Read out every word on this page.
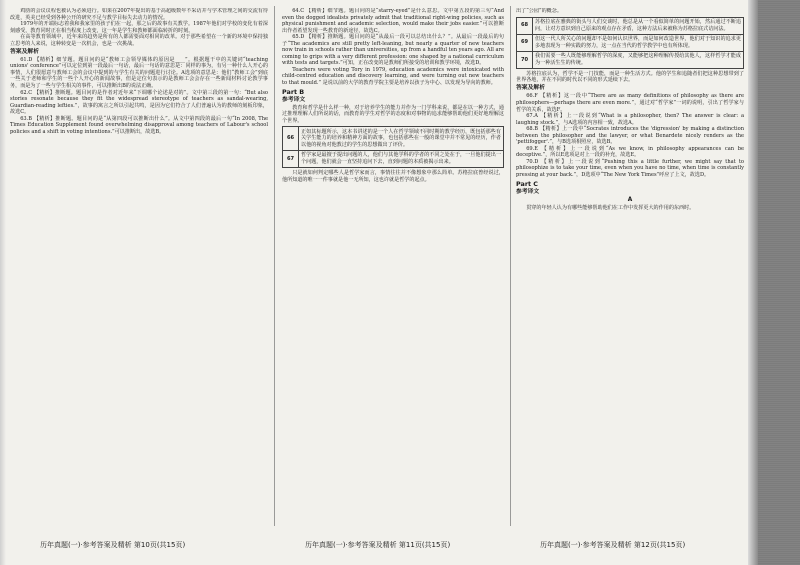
鸡肋的会议议程也被认为必须进行。如果在2007年提出的基于高超级数年不采访并与学术管理之间的交流有待改进，英美已经受到各种公开的研究不足与教学目标失去动力的情况。
1979年的开端标志着我和我家里的孩子们在一起，那之后的故事有关教学。1987年他们对学校的变化有着深刻感受，教育同时正在相当程度上改变，这一年是学生和教师都面临转折的时刻。
在高等教育领域中，近年来的趋势是所有的人都需要面对相同的改革。对于那些希望在一个新的环境中保持独立思考的人来说，这种转变是一次机会，也是一次挑战。
答案及解析
61.D 【精析】细节题。题目问的是“教师工会领导媒体的原因是____”。根据题干中的关键词“teaching unions' conference”可以定位到第一段最后一句话，最后一句话的意思是：同样的事为，有另一种什么人开心的事情，人们很愿意与教师工会的会议中提到的与学生有关的问题进行讨论。A选项的意思是：他们“教师工会”到底一些关于老师和学生的一些个人开心的新闻故事，但是定位句表示的是教师工会会存在一些新闻材料讨论教学事务，而是为了一些与学生相关的事件，可以推断出B的说法正确。
62.C 【精析】推断题。题目问的是作者对近年来“下调哪个论述是对的”。文中第三段的第一句：“But also stories resonate because they fit the widespread stereotype of teachers as sandal-wearing, Guardian-reading lefties.”，故事的寓言之所以引起共鸣，是因为它们符合了人们普遍认为的教师的刻板印象，故选C。
63.B 【精析】推断题。题目问的是“从第四段可以推断出什么”。从文中第四段的最后一句“In 2008, The Times Education Supplement found overwhelming disapproval among teachers of Labour's school policies and a shift in voting intentions.”可以推断出，故选B。
64.C 【精析】细节题。题目问的是“starry-eyed”是什么意思。文中第五段的第三句“And even the dogged idealists privately admit that traditional right-wing policies, such as physical punishment and academic selection, would make their jobs easier.”可以推断出作者希望发现一些教育的新途径，故选C。
65.D 【精析】推断题。题目问的是“从最后一段可以总结出什么？”。从最后一段最后的句子“The academics are still pretty left-leaning, but nearly a quarter of new teachers now train in schools rather than universities, up from a handful ten years ago. All are coming to grips with a very different profession: one shaped by a national curriculum with tests and targets.”可知，正在改变的是教师们所接受的培训和教学环境，故选D。
Teachers were voting Tory in 1979, education academics were intoxicated with child-centred education and discovery learning, and were turning out new teachers to that mould.” 是说以前的大学的教育学院主要是培养以孩子为中心、以发现为导向的教师。
Part B
参考译文
教育和哲学是什么样一种，对于培养学生的能力并作为一门学科来说，都是在以一种方式，通过推理理解人们所说的话，而教育的学生对哲学的态度和对事物的追求能够帮助他们更好地理解这个世界。
66	正如其标题所示，这本书讲述的是一个人在哲学领域不同时期的教学经历，既包括那些有关学生能力的培养和精神方面的故事，也包括那些在一般的课堂中并不常见的经历，作者以他的视角对他教过的学生的思想做出了评价。
67	哲学家是最擅于提出问题的人，他们与其他学科的学者的不同之处在于，一旦他们提出一个问题，他们就会一直坚持追问下去，直到问题的本质被揭示出来。
只是就如何判定哪些人是哲学家而言，事情往往并不像想象中那么简单。苏格拉底曾经说过，他所知道的唯一一件事就是他一无所知，这也许就是哲学的起点。
出了“公园”的概念。
68	苏格拉底在雅典的街头与人们交谈时，他总是从一个看似简单的问题开始，然后通过不断追问，让对方意识到自己原来的观点存在矛盾，这种方法后来被称为苏格拉底式诘问法。
69	但这一代人所关心的问题却不是如何认识世界，而是如何改造世界，他们对于知识的追求更多地表现为一种实践的努力，这一点在当代的哲学教学中也有所体现。
70	我们需要一些人既能够理解哲学的深度，又能够把这种理解传授给其他人，这样哲学才能成为一种活生生的传统。
苏格拉底认为，哲学不是一门技能，而是一种生活方式。他的学生和追随者们把这种思想带到了世界各地，并在不同的时代以不同的形式延续下去。
答案及解析
66.F 【精析】这一段中“There are as many definitions of philosophy as there are philosophers—perhaps there are even more.”，通过对“哲学家”一词的说明，引出了哲学家与哲学的关系，故选F。
67.A 【精析】上一段说到“What is a philosopher, then? The answer is clear: a laughing stock.”，与A选项的内容相一致，故选A。
68.B 【精析】上一段中“Socrates introduces the 'digression' by making a distinction between the philosopher and the lawyer, or what Benardete nicely renders as the 'pettifogger'.”，与B选项相照应，故选B。
69.E 【精析】上一段说到“As we know, in philosophy appearances can be deceptive.”，所以E选项是对上一段的补充，故选E。
70.D 【精析】上一段说到“Pushing this a little further, we might say that to philosophize is to take your time, even when you have no time, when time is constantly pressing at your back.”，D选项中“The New York Times”呼应了上文，故选D。
Part C
参考译文
A
贯穿的年轻人认为有哪些能够帮助他们在工作中发挥更大的作用的东西时。
历年真题(一)·参考答案及精析 第10页(共15页)	历年真题(一)·参考答案及精析 第11页(共15页)	历年真题(一)·参考答案及精析 第12页(共15页)
